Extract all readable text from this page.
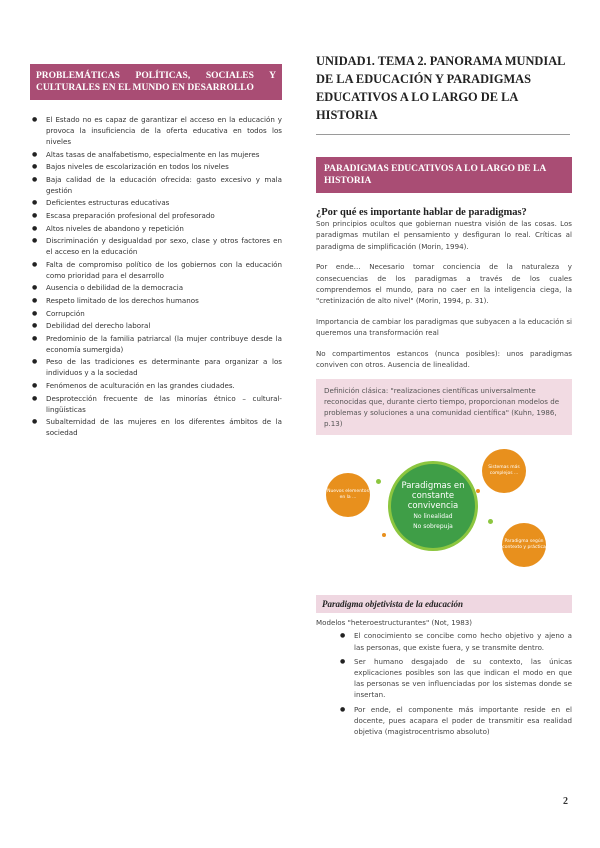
PROBLEMÁTICAS POLÍTICAS, SOCIALES Y CULTURALES EN EL MUNDO EN DESARROLLO
● El Estado no es capaz de garantizar el acceso en la educación y provoca la insuficiencia de la oferta educativa en todos los niveles
● Altas tasas de analfabetismo, especialmente en las mujeres
● Bajos niveles de escolarización en todos los niveles
● Baja calidad de la educación ofrecida: gasto excesivo y mala gestión
● Deficientes estructuras educativas
● Escasa preparación profesional del profesorado
● Altos niveles de abandono y repetición
● Discriminación y desigualdad por sexo, clase y otros factores en el acceso en la educación
● Falta de compromiso político de los gobiernos con la educación como prioridad para el desarrollo
● Ausencia o debilidad de la democracia
● Respeto limitado de los derechos humanos
● Corrupción
● Debilidad del derecho laboral
● Predominio de la familia patriarcal (la mujer contribuye desde la economía sumergida)
● Peso de las tradiciones es determinante para organizar a los individuos y a la sociedad
● Fenómenos de aculturación en las grandes ciudades.
● Desprotección frecuente de las minorías étnico – cultural-lingüísticas
● Subalternidad de las mujeres en los diferentes ámbitos de la sociedad
UNIDAD1. TEMA 2. PANORAMA MUNDIAL DE LA EDUCACIÓN Y PARADIGMAS EDUCATIVOS A LO LARGO DE LA HISTORIA
PARADIGMAS EDUCATIVOS A LO LARGO DE LA HISTORIA
¿Por qué es importante hablar de paradigmas?

Son principios ocultos que gobiernan nuestra visión de las cosas. Los paradigmas mutilan el pensamiento y desfiguran lo real. Críticas al paradigma de simplificación (Morin, 1994).

Por ende… Necesario tomar conciencia de la naturaleza y consecuencias de los paradigmas a través de los cuales comprendemos el mundo, para no caer en la inteligencia ciega, la "cretinización de alto nivel" (Morin, 1994, p. 31).

Importancia de cambiar los paradigmas que subyacen a la educación si queremos una transformación real

No compartimentos estancos (nunca posibles): unos paradigmas conviven con otros. Ausencia de linealidad.

Definición clásica: "realizaciones científicas universalmente reconocidas que, durante cierto tiempo, proporcionan modelos de problemas y soluciones a una comunidad científica" (Kuhn, 1986, p.13)

Nuevos elementos en la ...
Paradigmas en
constante
convivencia
No linealidad
No sobrepuja
Sistemas más complejos ...
Paradigma según contexto y práctica
Paradigma objetivista de la educación
Modelos "heteroestructurantes" (Not, 1983)
● El conocimiento se concibe como hecho objetivo y ajeno a las personas, que existe fuera, y se transmite dentro.
● Ser humano desgajado de su contexto, las únicas explicaciones posibles son las que indican el modo en que las personas se ven influenciadas por los sistemas donde se insertan.
● Por ende, el componente más importante reside en el docente, pues acapara el poder de transmitir esa realidad objetiva (magistrocentrismo absoluto)
2
